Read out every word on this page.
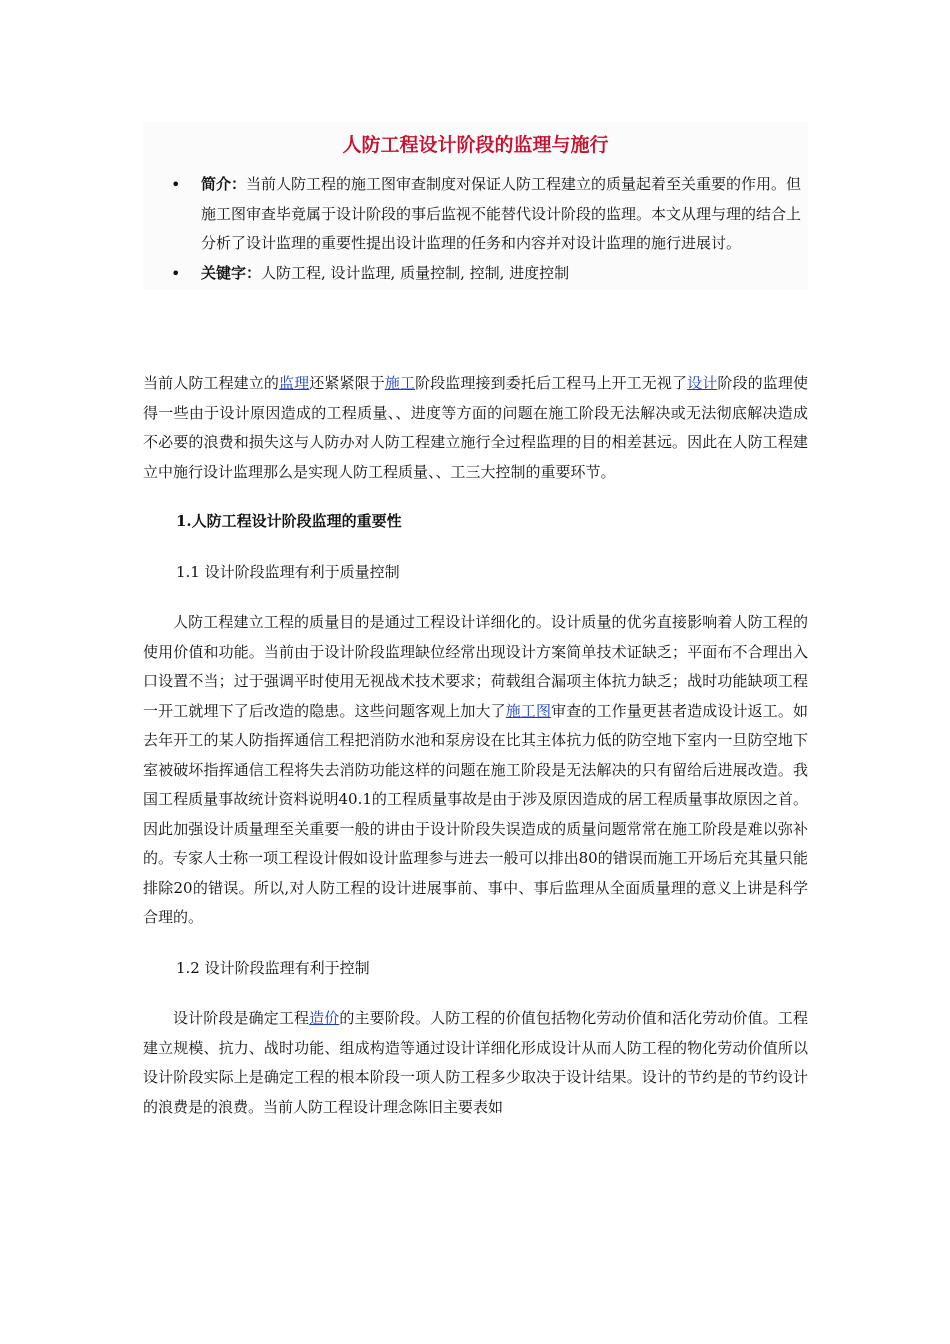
人防工程设计阶段的监理与施行
• 简介：当前人防工程的施工图审查制度对保证人防工程建立的质量起着至关重要的作用。但施工图审查毕竟属于设计阶段的事后监视不能替代设计阶段的监理。本文从理与理的结合上分析了设计监理的重要性提出设计监理的任务和内容并对设计监理的施行进展讨。
• 关键字：人防工程, 设计监理, 质量控制, 控制, 进度控制

当前人防工程建立的监理还紧紧限于施工阶段监理接到委托后工程马上开工无视了设计阶段的监理使得一些由于设计原因造成的工程质量、、进度等方面的问题在施工阶段无法解决或无法彻底解决造成不必要的浪费和损失这与人防办对人防工程建立施行全过程监理的目的相差甚远。因此在人防工程建立中施行设计监理那么是实现人防工程质量、、工三大控制的重要环节。

1.人防工程设计阶段监理的重要性

1.1 设计阶段监理有利于质量控制

人防工程建立工程的质量目的是通过工程设计详细化的。设计质量的优劣直接影响着人防工程的使用价值和功能。当前由于设计阶段监理缺位经常出现设计方案简单技术证缺乏；平面布不合理出入口设置不当；过于强调平时使用无视战术技术要求；荷载组合漏项主体抗力缺乏；战时功能缺项工程一开工就埋下了后改造的隐患。这些问题客观上加大了施工图审查的工作量更甚者造成设计返工。如去年开工的某人防指挥通信工程把消防水池和泵房设在比其主体抗力低的防空地下室内一旦防空地下室被破坏指挥通信工程将失去消防功能这样的问题在施工阶段是无法解决的只有留给后进展改造。我国工程质量事故统计资料说明40.1的工程质量事故是由于涉及原因造成的居工程质量事故原因之首。因此加强设计质量理至关重要一般的讲由于设计阶段失误造成的质量问题常常在施工阶段是难以弥补的。专家人士称一项工程设计假如设计监理参与进去一般可以排出80的错误而施工开场后充其量只能排除20的错误。所以,对人防工程的设计进展事前、事中、事后监理从全面质量理的意义上讲是科学合理的。

1.2 设计阶段监理有利于控制

设计阶段是确定工程造价的主要阶段。人防工程的价值包括物化劳动价值和活化劳动价值。工程建立规模、抗力、战时功能、组成构造等通过设计详细化形成设计从而人防工程的物化劳动价值所以设计阶段实际上是确定工程的根本阶段一项人防工程多少取决于设计结果。设计的节约是的节约设计的浪费是的浪费。当前人防工程设计理念陈旧主要表如
